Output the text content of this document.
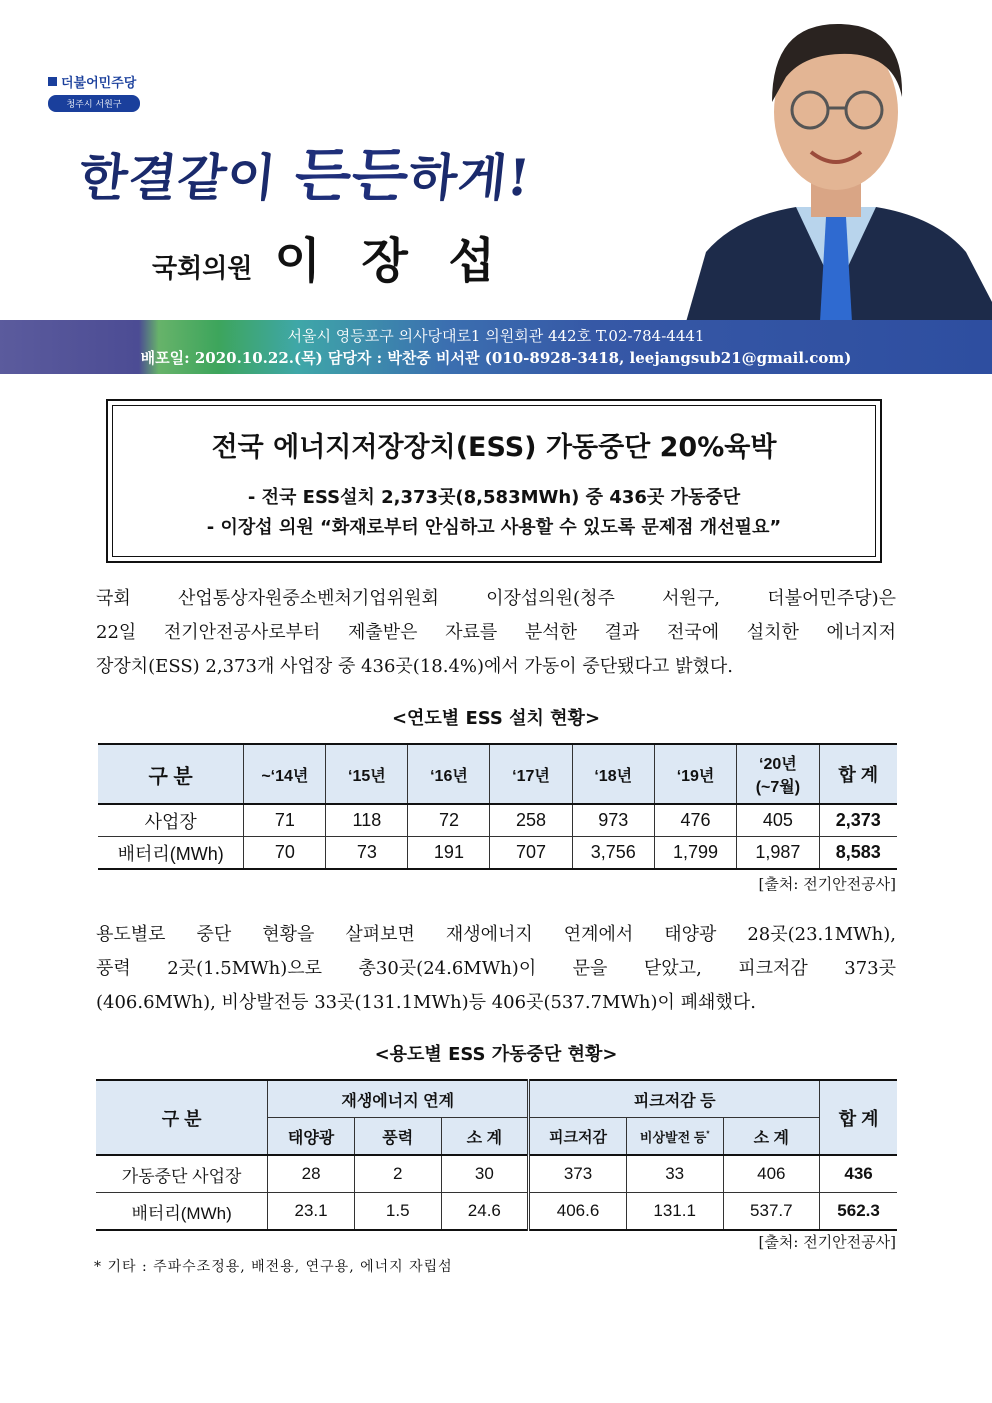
더불어민주당
청주시 서원구
한결같이 든든하게!
국회의원 이 장 섭
서울시 영등포구 의사당대로1 의원회관 442호 T.02-784-4441
배포일: 2020.10.22.(목) 담당자 : 박찬중 비서관 (010-8928-3418, leejangsub21@gmail.com)
전국 에너지저장장치(ESS) 가동중단 20%육박
- 전국 ESS설치 2,373곳(8,583MWh) 중 436곳 가동중단
- 이장섭 의원 “화재로부터 안심하고 사용할 수 있도록 문제점 개선필요”
국회 산업통상자원중소벤처기업위원회 이장섭의원(청주 서원구, 더불어민주당)은
22일 전기안전공사로부터 제출받은 자료를 분석한 결과 전국에 설치한 에너지저
장장치(ESS) 2,373개 사업장 중 436곳(18.4%)에서 가동이 중단됐다고 밝혔다.
<연도별 ESS 설치 현황>
구 분	~‘14년	‘15년	‘16년	‘17년	‘18년	‘19년	‘20년
(~7월)	합 계
사업장	71	118	72	258	973	476	405	2,373
배터리(MWh)	70	73	191	707	3,756	1,799	1,987	8,583
[출처: 전기안전공사]
용도별로 중단 현황을 살펴보면 재생에너지 연계에서 태양광 28곳(23.1MWh),
풍력 2곳(1.5MWh)으로 총30곳(24.6MWh)이 문을 닫았고, 피크저감 373곳
(406.6MWh), 비상발전등 33곳(131.1MWh)등 406곳(537.7MWh)이 폐쇄했다.
<용도별 ESS 가동중단 현황>
구 분	재생에너지 연계			피크저감 등			합 계
	태양광	풍력	소 계	피크저감	비상발전 등*	소 계	
가동중단 사업장	28	2	30	373	33	406	436
배터리(MWh)	23.1	1.5	24.6	406.6	131.1	537.7	562.3
[출처: 전기안전공사]
* 기타 : 주파수조정용, 배전용, 연구용, 에너지 자립섬
